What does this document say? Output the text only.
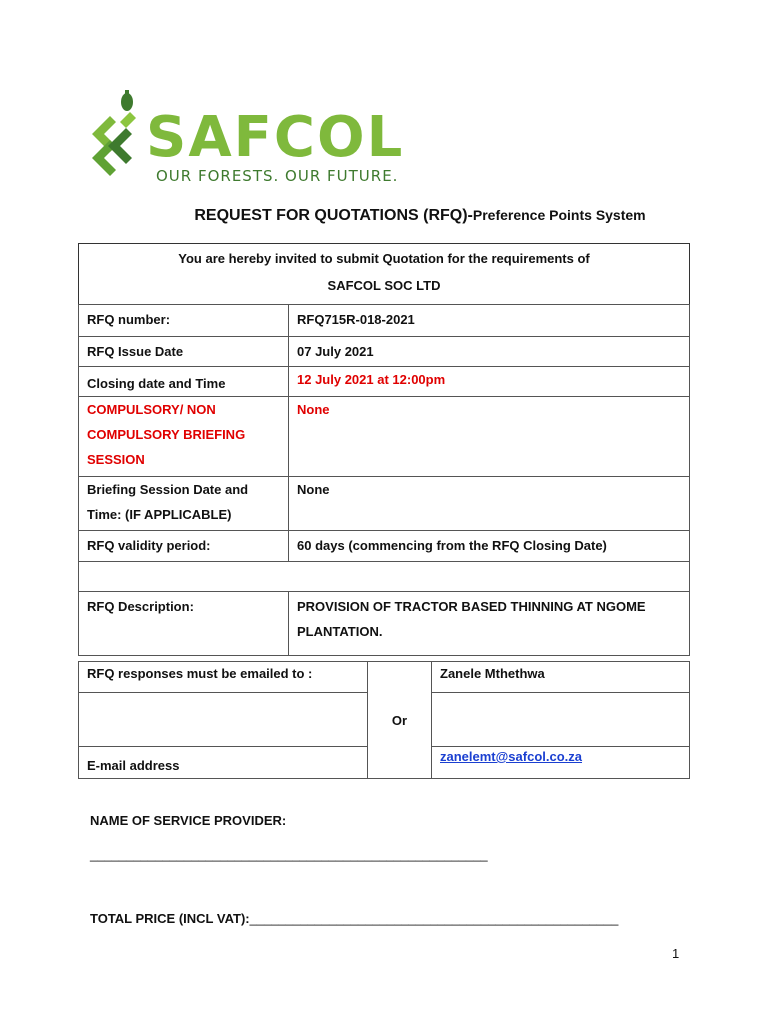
SAFCOL
OUR FORESTS. OUR FUTURE.
REQUEST FOR QUOTATIONS (RFQ)-Preference Points System
You are hereby invited to submit Quotation for the requirements of
SAFCOL SOC LTD
RFQ number:	RFQ715R-018-2021
RFQ Issue Date	07 July 2021
Closing date and Time	12 July 2021 at 12:00pm

COMPULSORY/ NON
COMPULSORY BRIEFING
SESSION	None

Briefing Session Date and
Time: (IF APPLICABLE)	None
RFQ validity period:	60 days (commencing from the RFQ Closing Date)

RFQ Description:	PROVISION OF TRACTOR BASED THINNING AT NGOME
PLANTATION.
RFQ responses must be emailed to :	Or	Zanele Mthethwa

E-mail address		zanelemt@safcol.co.za
NAME OF SERVICE PROVIDER:
_______________________________________________________
TOTAL PRICE (INCL VAT):___________________________________________________
1
